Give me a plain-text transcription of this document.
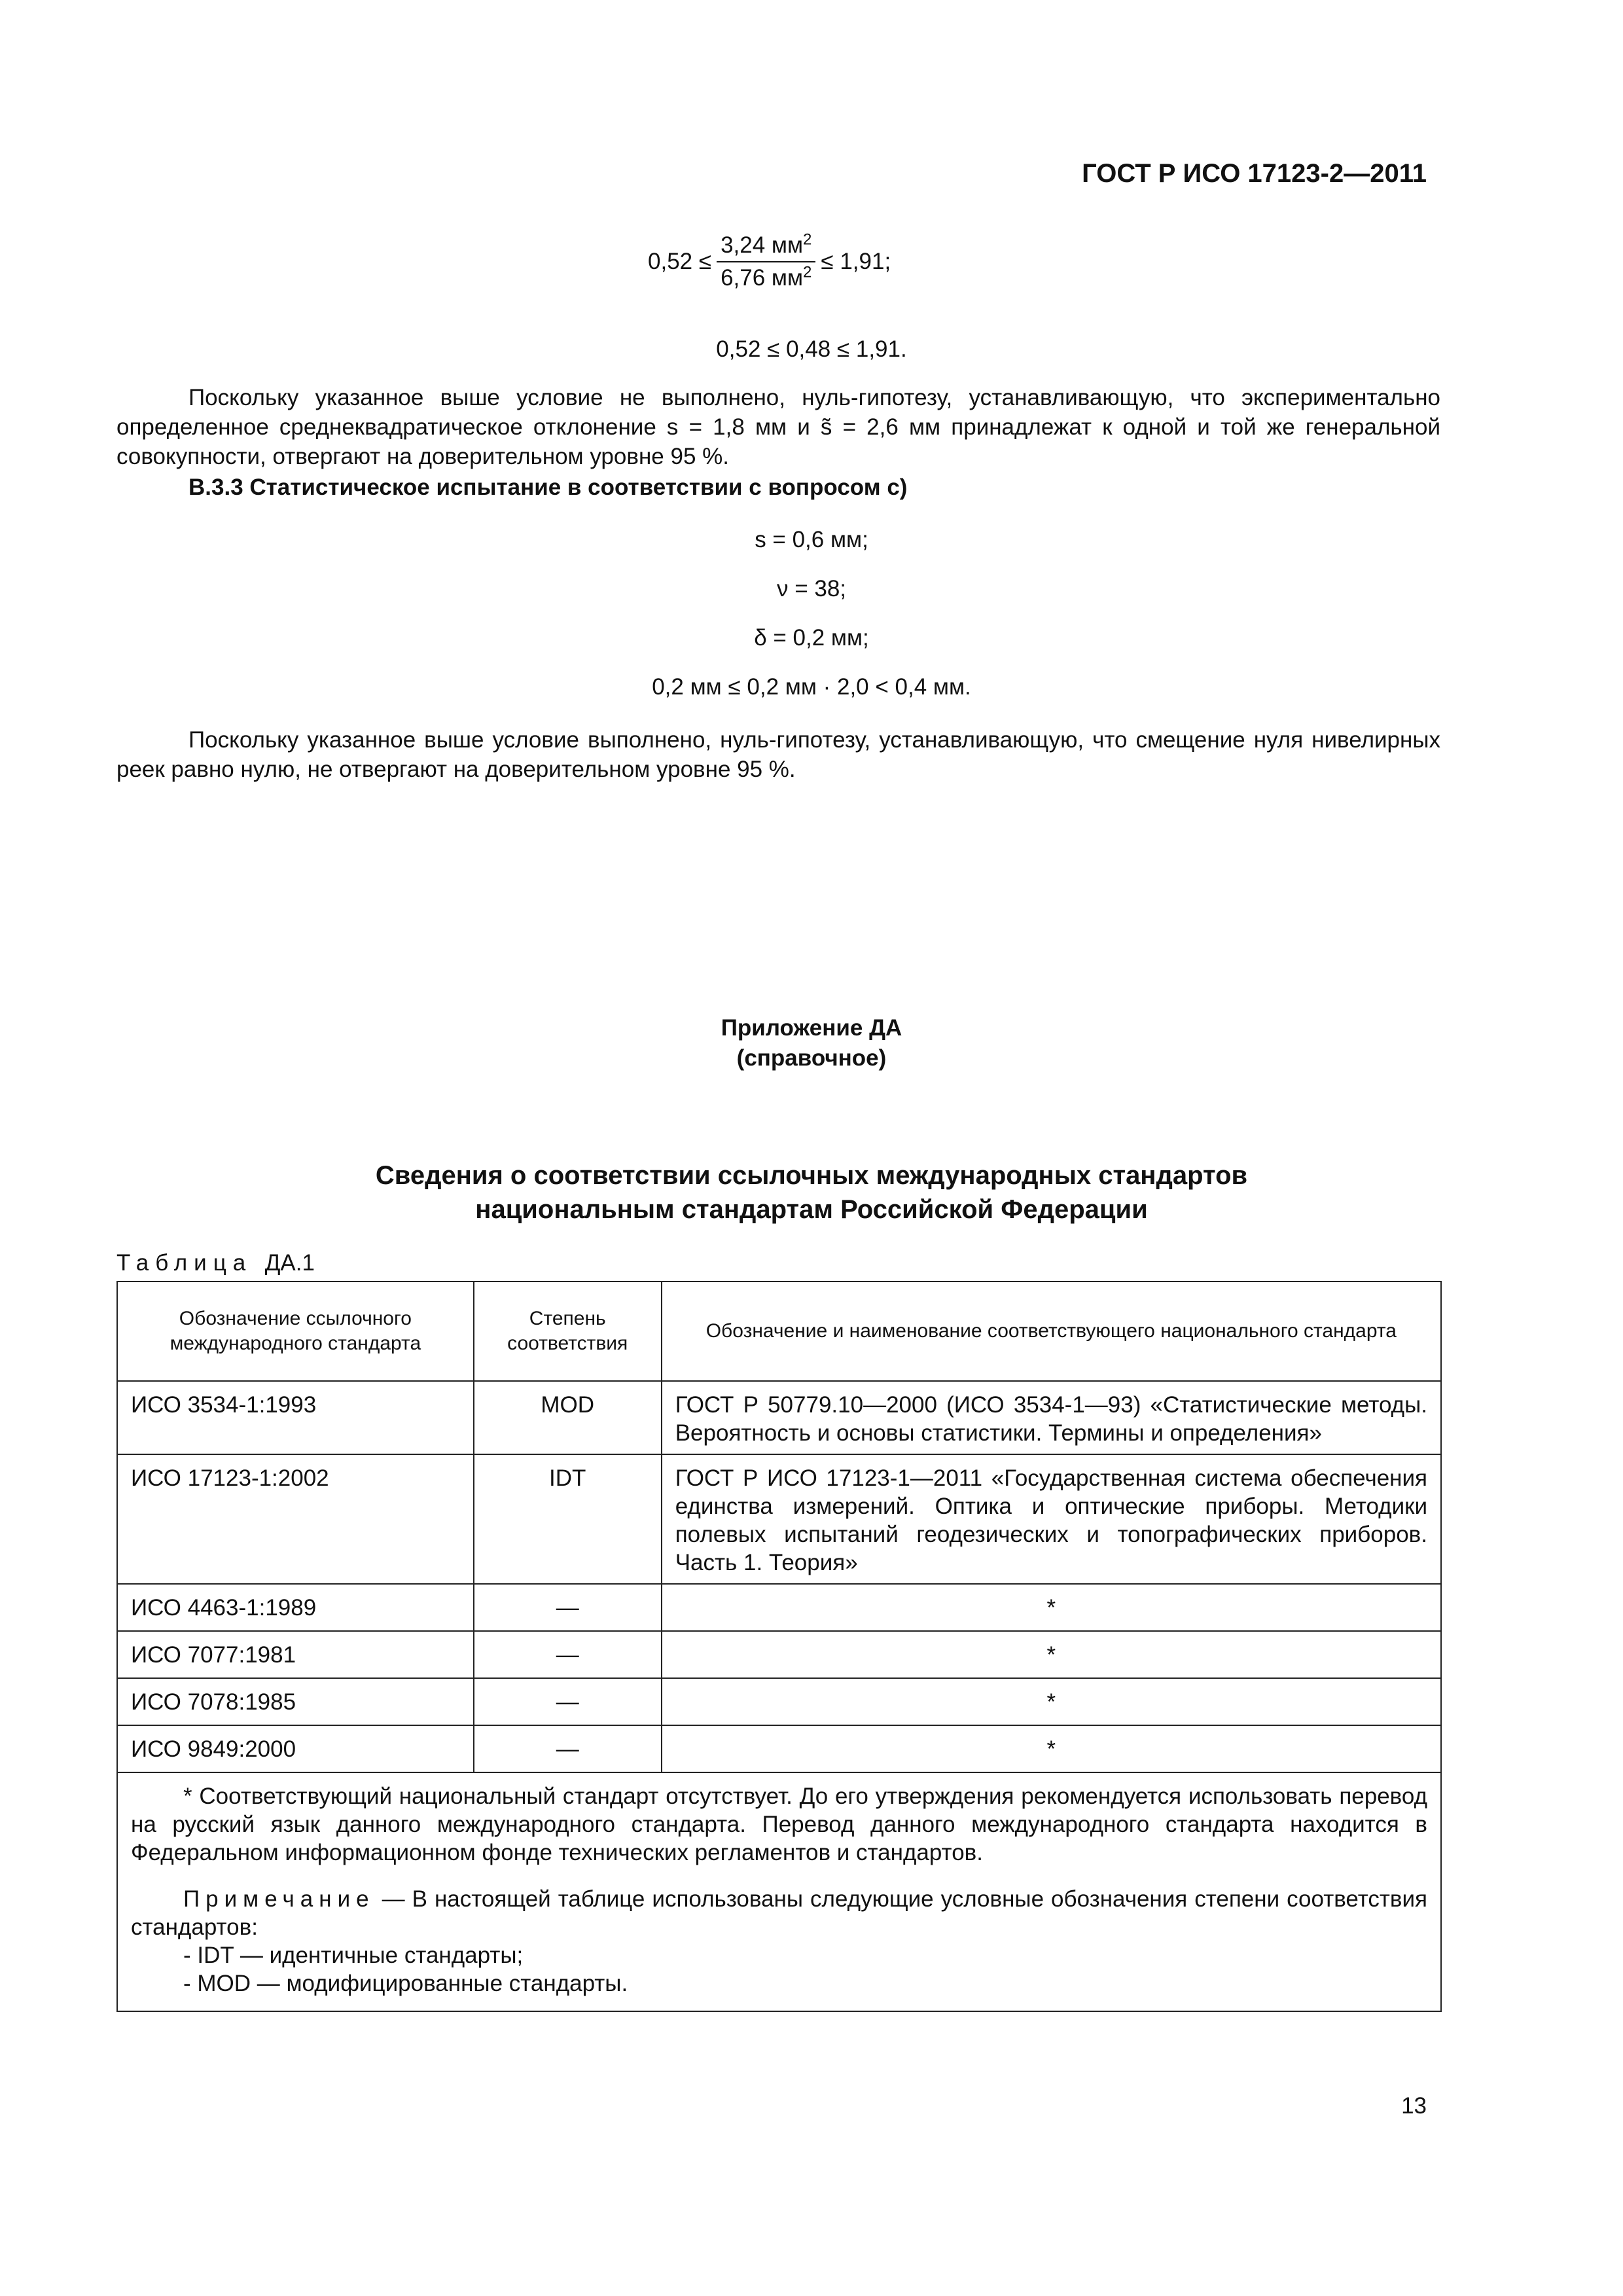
ГОСТ Р ИСО 17123-2—2011
$0,52 \le \frac{3,24 мм^2}{6,76 мм^2} \le 1,91$;
0,52 ≤ 0,48 ≤ 1,91.
Поскольку указанное выше условие не выполнено, нуль-гипотезу, устанавливающую, что экспериментально определенное среднеквадратическое отклонение s = 1,8 мм и s̃ = 2,6 мм принадлежат к одной и той же генеральной совокупности, отвергают на доверительном уровне 95 %.
B.3.3 Статистическое испытание в соответствии с вопросом c)
s = 0,6 мм;
ν = 38;
δ = 0,2 мм;
0,2 мм ≤ 0,2 мм · 2,0 < 0,4 мм.
Поскольку указанное выше условие выполнено, нуль-гипотезу, устанавливающую, что смещение нуля нивелирных реек равно нулю, не отвергают на доверительном уровне 95 %.
Приложение ДА
(справочное)
Сведения о соответствии ссылочных международных стандартов
национальным стандартам Российской Федерации
Таблица ДА.1
Обозначение ссылочного международного стандарта	Степень соответствия	Обозначение и наименование соответствующего национального стандарта
ИСО 3534-1:1993	MOD	ГОСТ Р 50779.10—2000 (ИСО 3534-1—93) «Статистические методы. Вероятность и основы статистики. Термины и определения»
ИСО 17123-1:2002	IDT	ГОСТ Р ИСО 17123-1—2011 «Государственная система обеспечения единства измерений. Оптика и оптические приборы. Методики полевых испытаний геодезических и топографических приборов. Часть 1. Теория»
ИСО 4463-1:1989	—	*
ИСО 7077:1981	—	*
ИСО 7078:1985	—	*
ИСО 9849:2000	—	*

* Соответствующий национальный стандарт отсутствует. До его утверждения рекомендуется использовать перевод на русский язык данного международного стандарта. Перевод данного международного стандарта находится в Федеральном информационном фонде технических регламентов и стандартов.

Примечание — В настоящей таблице использованы следующие условные обозначения степени соответствия стандартов:

- IDT — идентичные стандарты;

- MOD — модифицированные стандарты.		

13
